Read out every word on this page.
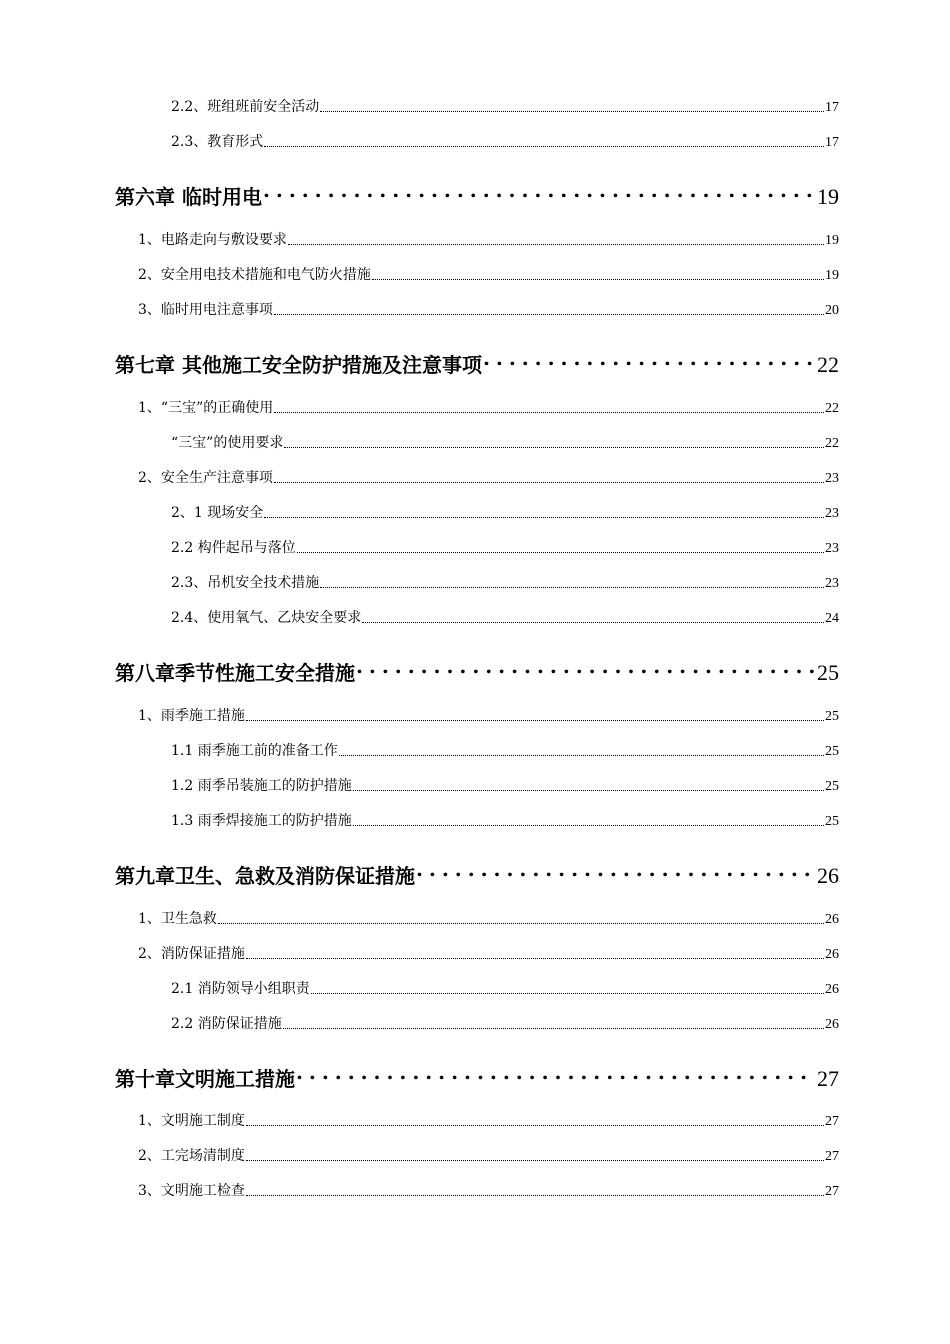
2.2、班组班前安全活动	17
2.3、教育形式	17
第六章 临时用电 . . .	19
1、电路走向与敷设要求	19
2、安全用电技术措施和电气防火措施	19
3、临时用电注意事项	20
第七章 其他施工安全防护措施及注意事项 . . .	22
1、“三宝”的正确使用	22
“三宝”的使用要求	22
2、安全生产注意事项	23
2、1 现场安全	23
2.2 构件起吊与落位	23
2.3、吊机安全技术措施	23
2.4、使用氧气、乙炔安全要求	24
第八章季节性施工安全措施 . . .	25
1、雨季施工措施	25
1.1 雨季施工前的准备工作	25
1.2 雨季吊装施工的防护措施	25
1.3 雨季焊接施工的防护措施	25
第九章卫生、急救及消防保证措施 . . .	26
1、卫生急救	26
2、消防保证措施	26
2.1 消防领导小组职责	26
2.2 消防保证措施	26
第十章文明施工措施 . . .	27
1、文明施工制度	27
2、工完场清制度	27
3、文明施工检查	27
